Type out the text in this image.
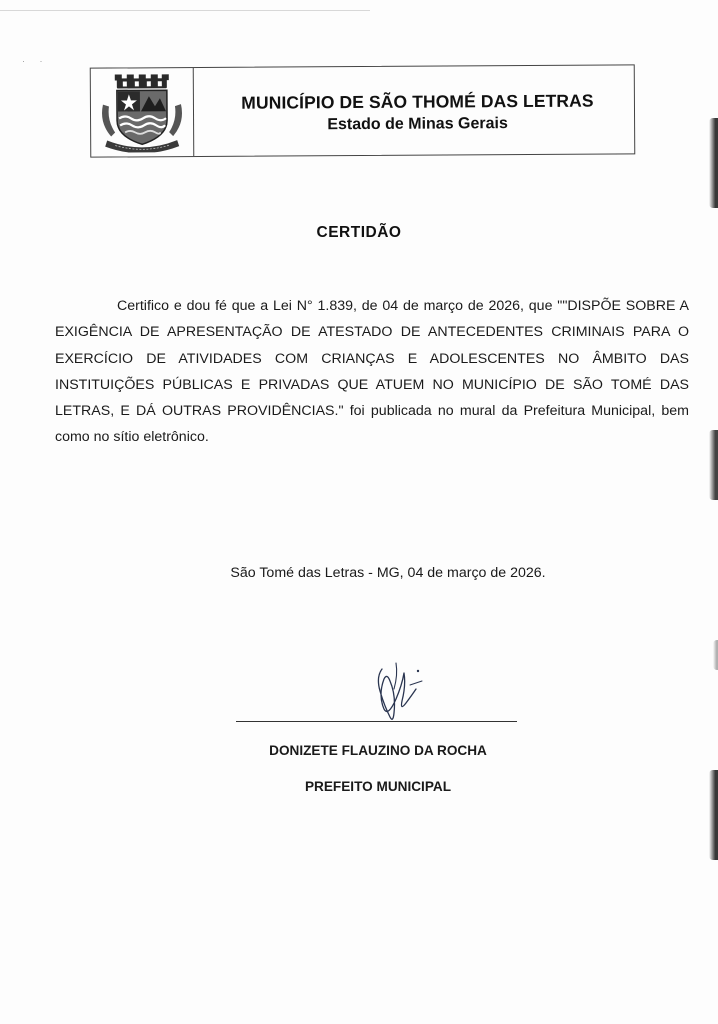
· ·
MUNICÍPIO DE SÃO THOMÉ DAS LETRAS
Estado de Minas Gerais
CERTIDÃO

Certifico e dou fé que a Lei N° 1.839, de 04 de março de 2026, que ""DISPÕE SOBRE A EXIGÊNCIA DE APRESENTAÇÃO DE ATESTADO DE ANTECEDENTES CRIMINAIS PARA O EXERCÍCIO DE ATIVIDADES COM CRIANÇAS E ADOLESCENTES NO ÂMBITO DAS INSTITUIÇÕES PÚBLICAS E PRIVADAS QUE ATUEM NO MUNICÍPIO DE SÃO TOMÉ DAS LETRAS, E DÁ OUTRAS PROVIDÊNCIAS." foi publicada no mural da Prefeitura Municipal, bem como no sítio eletrônico.

São Tomé das Letras - MG, 04 de março de 2026.
DONIZETE FLAUZINO DA ROCHA
PREFEITO MUNICIPAL
